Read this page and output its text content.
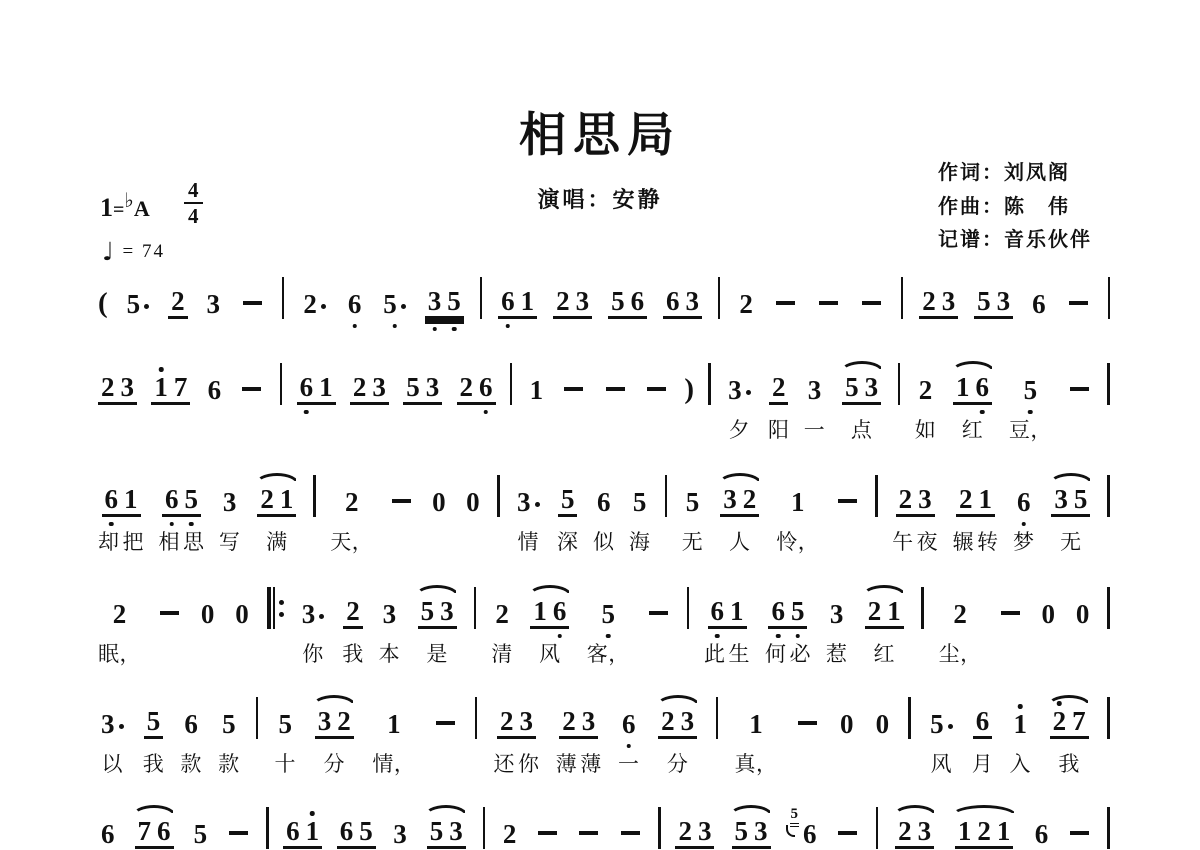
相思局
演唱：安静
作词：刘凤阁
作曲：陈　伟
记谱：音乐伙伴
1=♭A $\frac{4}{4}$
♩ = 74
( 5 2 3	2 6 5 3 5 6 1 2 3 5 6 6 3 2	2 3 5 3 6
2 3 1 7 6	6 1 2 3 5 3 2 6 1	) 3
夕
2
阳
3
一
5 3
点
2
如
1 6
红
5
豆，
6 1
却 把
6 5
相 思
3
写
2 1
满
2
天，
0 0 3
情
5
深
6
似
5
海
5
无
3 2
人
1
怜，
2 3
午 夜
2 1
辗 转
6
梦
3 5
无
2
眠，
0 0 3
你
2
我
3
本
5 3
是
2
清
1 6
风
5
客，
6 1
此 生
6 5
何 必
3
惹
2 1
红
2
尘，
0 0
3
以
5
我
6
款
5
款
5
十
3 2
分
1
情，
2 3
还 你
2 3
薄 薄
6
一
2 3
分
1
真，
0 0 5
风
6
月
1
入
2 7
我
6 7 6 5	6 1 6 5 3 5 3 2	2 3 5 3
5
6	2 3 1 2 1 6
